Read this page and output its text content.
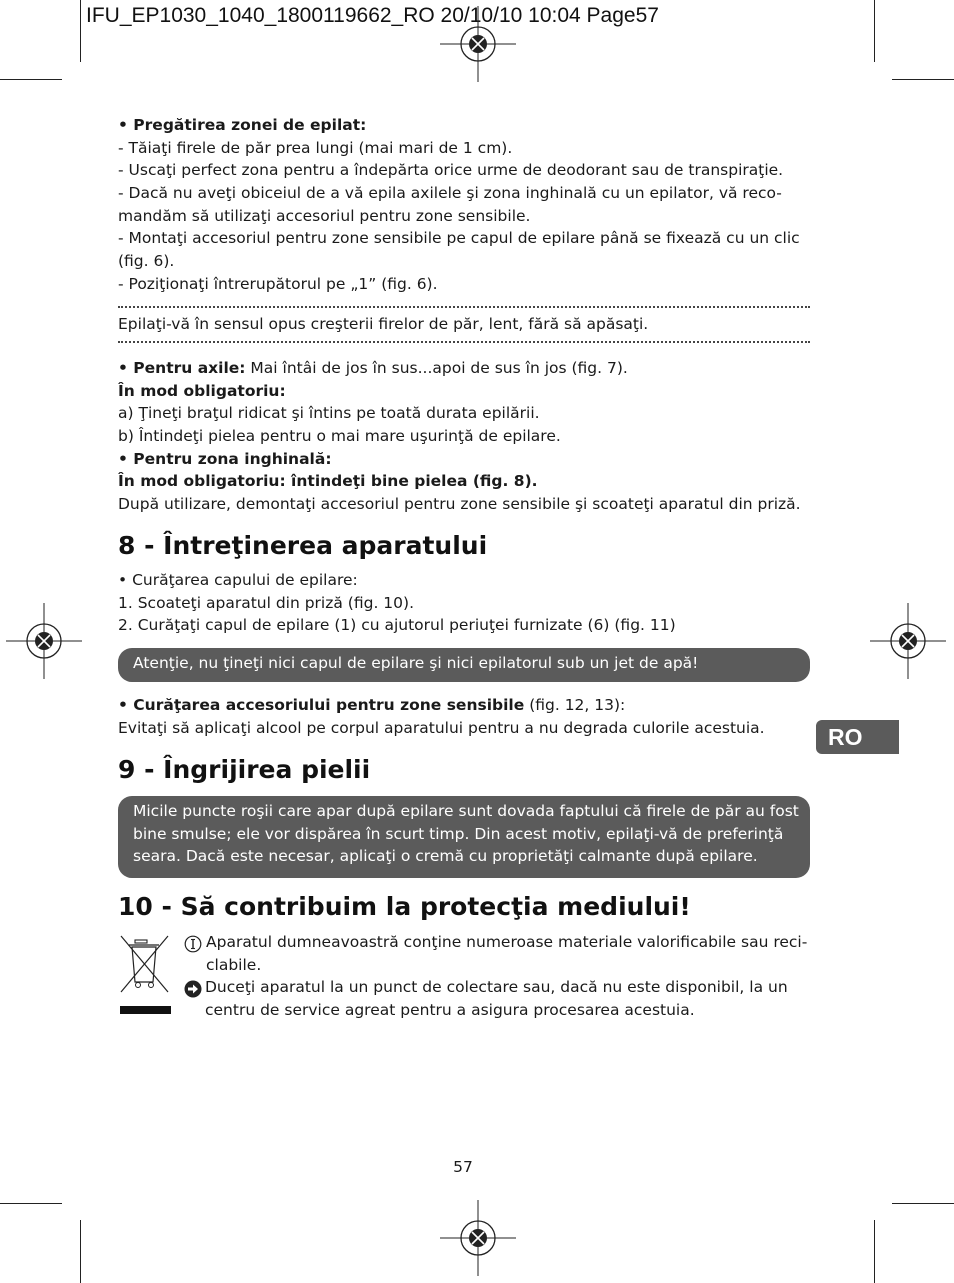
IFU_EP1030_1040_1800119662_RO 20/10/10 10:04 Page57
• Pregătirea zonei de epilat:
- Tăiaţi firele de păr prea lungi (mai mari de 1 cm).
- Uscaţi perfect zona pentru a îndepărta orice urme de deodorant sau de transpiraţie.
- Dacă nu aveţi obiceiul de a vă epila axilele şi zona inghinală cu un epilator, vă reco-
mandăm să utilizaţi accesoriul pentru zone sensibile.
- Montaţi accesoriul pentru zone sensibile pe capul de epilare până se fixează cu un clic
(fig. 6).
- Poziţionaţi întrerupătorul pe „1” (fig. 6).
Epilaţi-vă în sensul opus creşterii firelor de păr, lent, fără să apăsaţi.
• Pentru axile: Mai întâi de jos în sus...apoi de sus în jos (fig. 7).
În mod obligatoriu:
a) Ţineţi braţul ridicat şi întins pe toată durata epilării.
b) Întindeţi pielea pentru o mai mare uşurinţă de epilare.
• Pentru zona inghinală:
În mod obligatoriu: întindeţi bine pielea (fig. 8).
După utilizare, demontaţi accesoriul pentru zone sensibile şi scoateţi aparatul din priză.
8 - Întreţinerea aparatului
• Curăţarea capului de epilare:
1. Scoateţi aparatul din priză (fig. 10).
2. Curăţaţi capul de epilare (1) cu ajutorul periuţei furnizate (6) (fig. 11)
Atenţie, nu ţineţi nici capul de epilare şi nici epilatorul sub un jet de apă!
• Curăţarea accesoriului pentru zone sensibile (fig. 12, 13):
Evitaţi să aplicaţi alcool pe corpul aparatului pentru a nu degrada culorile acestuia.	RO
9 - Îngrijirea pielii
Micile puncte roşii care apar după epilare sunt dovada faptului că firele de păr au fost
bine smulse; ele vor dispărea în scurt timp. Din acest motiv, epilaţi-vă de preferinţă
seara. Dacă este necesar, aplicaţi o cremă cu proprietăţi calmante după epilare.
10 - Să contribuim la protecţia mediului!
Aparatul dumneavoastră conţine numeroase materiale valorificabile sau reci-
clabile.
Duceţi aparatul la un punct de colectare sau, dacă nu este disponibil, la un
centru de service agreat pentru a asigura procesarea acestuia.
57
